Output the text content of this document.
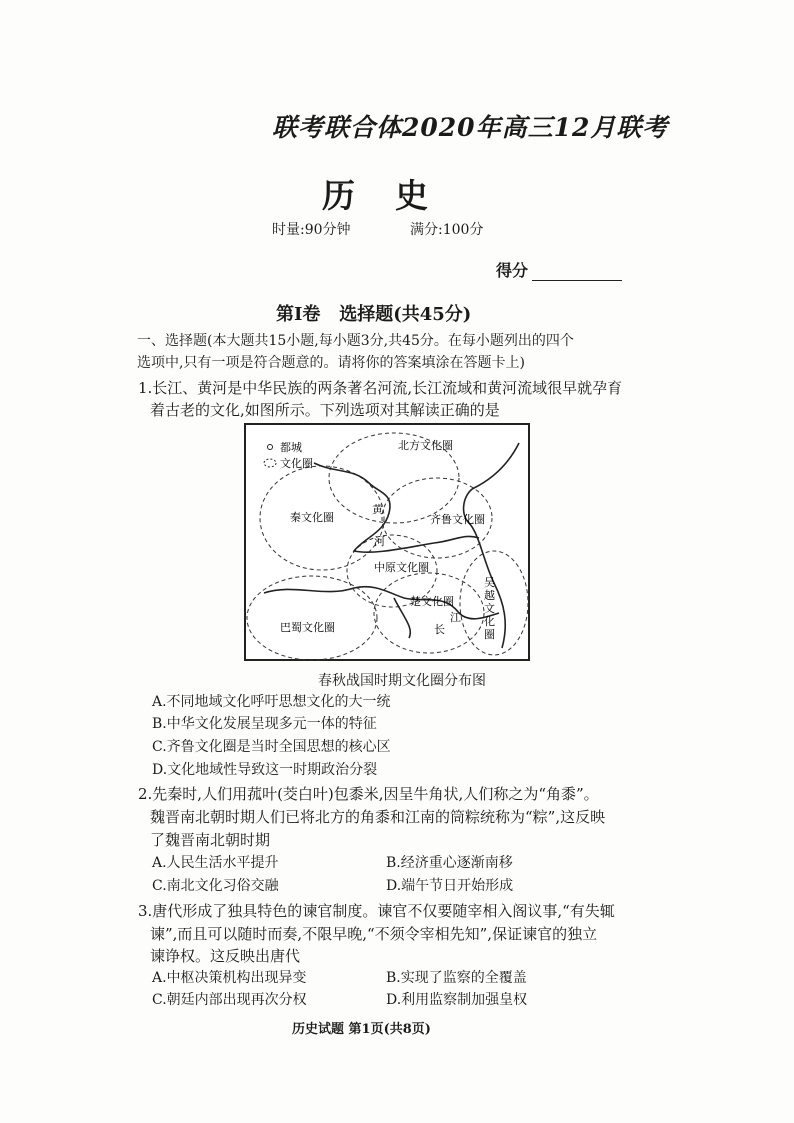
联考联合体2020年高三12月联考
历史
时量:90分钟	满分:100分
得分
第Ⅰ卷   选择题(共45分)
一、选择题(本大题共15小题,每小题3分,共45分。在每小题列出的四个
选项中,只有一项是符合题意的。请将你的答案填涂在答题卡上)
1.长江、黄河是中华民族的两条著名河流,长江流域和黄河流域很早就孕育
着古老的文化,如图所示。下列选项对其解读正确的是
都城
文化圈
北方文化圈
秦文化圈	齐鲁文化圈
中原文化圈
楚文化圈
巴蜀文化圈
黄
河
长
江
吴
越
文
化
圈
春秋战国时期文化圈分布图
A.不同地域文化呼吁思想文化的大一统
B.中华文化发展呈现多元一体的特征
C.齐鲁文化圈是当时全国思想的核心区
D.文化地域性导致这一时期政治分裂
2.先秦时,人们用菰叶(茭白叶)包黍米,因呈牛角状,人们称之为“角黍”。
魏晋南北朝时期人们已将北方的角黍和江南的筒粽统称为“粽”,这反映
了魏晋南北朝时期
A.人民生活水平提升	B.经济重心逐渐南移
C.南北文化习俗交融	D.端午节日开始形成
3.唐代形成了独具特色的谏官制度。谏官不仅要随宰相入阁议事,“有失辄
谏”,而且可以随时而奏,不限早晚,“不须令宰相先知”,保证谏官的独立
谏诤权。这反映出唐代
A.中枢决策机构出现异变	B.实现了监察的全覆盖
C.朝廷内部出现再次分权	D.利用监察制加强皇权
历史试题 第1页(共8页)
